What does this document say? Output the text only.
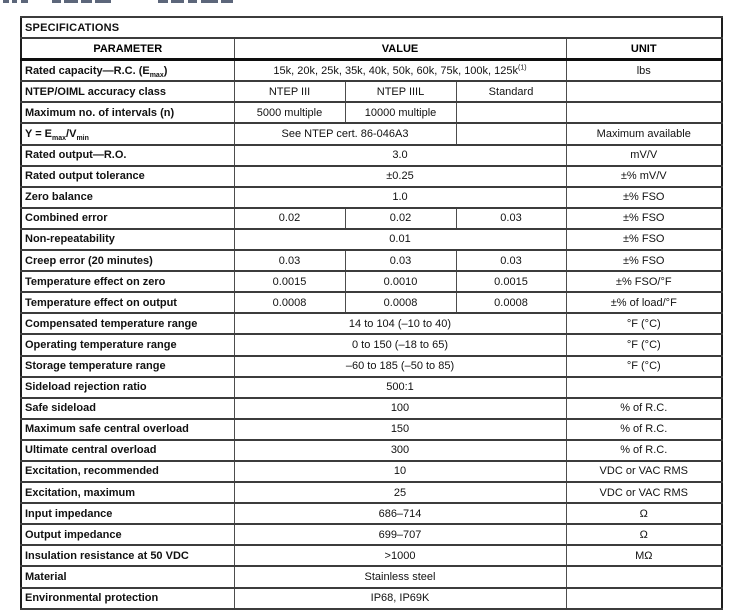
SPECIFICATIONS				
PARAMETER	VALUE			UNIT
Rated capacity—R.C. $(E_{max})$	15k, 20k, 25k, 35k, 40k, 50k, 60k, 75k, 100k, $125k^{(1)}$			lbs
NTEP/OIML accuracy class	NTEP III	NTEP IIIL	Standard	
Maximum no. of intervals (n)	5000 multiple	10000 multiple		
$Y = E_{max}/V_{min}$	See NTEP cert. 86-046A3			Maximum available
Rated output—R.O.	3.0			mV/V
Rated output tolerance	±0.25			±% mV/V
Zero balance	1.0			±% FSO
Combined error	0.02	0.02	0.03	±% FSO
Non-repeatability	0.01			±% FSO
Creep error (20 minutes)	0.03	0.03	0.03	±% FSO
Temperature effect on zero	0.0015	0.0010	0.0015	±% FSO/°F
Temperature effect on output	0.0008	0.0008	0.0008	±% of load/°F
Compensated temperature range	14 to 104 (–10 to 40)			°F (°C)
Operating temperature range	0 to 150 (–18 to 65)			°F (°C)
Storage temperature range	–60 to 185 (–50 to 85)			°F (°C)
Sideload rejection ratio	500:1			
Safe sideload	100			% of R.C.
Maximum safe central overload	150			% of R.C.
Ultimate central overload	300			% of R.C.
Excitation, recommended	10			VDC or VAC RMS
Excitation, maximum	25			VDC or VAC RMS
Input impedance	686–714			Ω
Output impedance	699–707			Ω
Insulation resistance at 50 VDC	>1000			MΩ
Material	Stainless steel			
Environmental protection	IP68, IP69K			
